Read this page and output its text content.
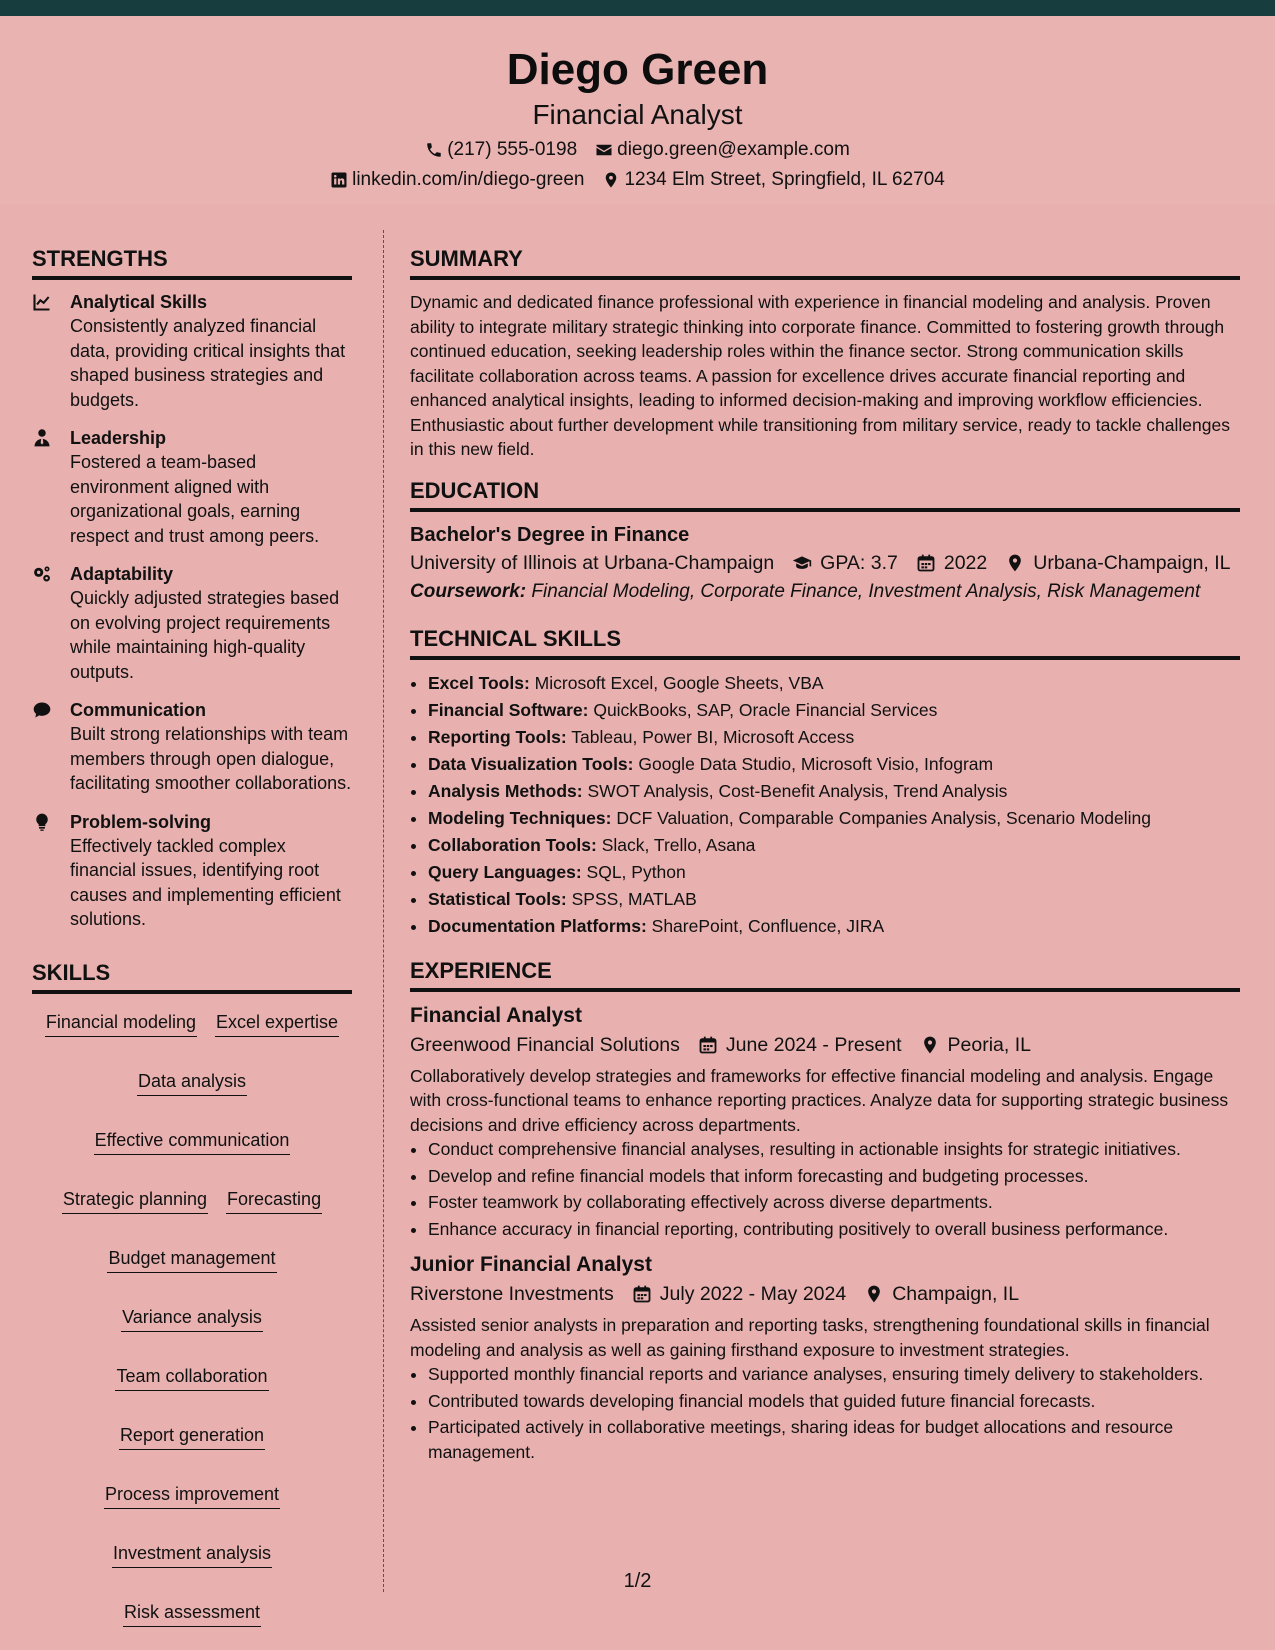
Diego Green
Financial Analyst
(217) 555-0198 diego.green@example.com
linkedin.com/in/diego-green 1234 Elm Street, Springfield, IL 62704
STRENGTHS
Analytical Skills
Consistently analyzed financial data, providing critical insights that shaped business strategies and budgets.
Leadership
Fostered a team-based environment aligned with organizational goals, earning respect and trust among peers.
Adaptability
Quickly adjusted strategies based on evolving project requirements while maintaining high-quality outputs.
Communication
Built strong relationships with team members through open dialogue, facilitating smoother collaborations.
Problem-solving
Effectively tackled complex financial issues, identifying root causes and implementing efficient solutions.
SKILLS
Financial modeling Excel expertise
Data analysis
Effective communication
Strategic planning Forecasting
Budget management
Variance analysis
Team collaboration
Report generation
Process improvement
Investment analysis
Risk assessment
SUMMARY

Dynamic and dedicated finance professional with experience in financial modeling and analysis. Proven ability to integrate military strategic thinking into corporate finance. Committed to fostering growth through continued education, seeking leadership roles within the finance sector. Strong communication skills facilitate collaboration across teams. A passion for excellence drives accurate financial reporting and enhanced analytical insights, leading to informed decision-making and improving workflow efficiencies. Enthusiastic about further development while transitioning from military service, ready to tackle challenges in this new field.

EDUCATION
Bachelor's Degree in Finance
University of Illinois at Urbana-Champaign GPA: 3.7 2022 Urbana-Champaign, IL
Coursework: Financial Modeling, Corporate Finance, Investment Analysis, Risk Management
TECHNICAL SKILLS
• Excel Tools: Microsoft Excel, Google Sheets, VBA
• Financial Software: QuickBooks, SAP, Oracle Financial Services
• Reporting Tools: Tableau, Power BI, Microsoft Access
• Data Visualization Tools: Google Data Studio, Microsoft Visio, Infogram
• Analysis Methods: SWOT Analysis, Cost-Benefit Analysis, Trend Analysis
• Modeling Techniques: DCF Valuation, Comparable Companies Analysis, Scenario Modeling
• Collaboration Tools: Slack, Trello, Asana
• Query Languages: SQL, Python
• Statistical Tools: SPSS, MATLAB
• Documentation Platforms: SharePoint, Confluence, JIRA
EXPERIENCE
Financial Analyst
Greenwood Financial Solutions June 2024 - Present Peoria, IL
Collaboratively develop strategies and frameworks for effective financial modeling and analysis. Engage with cross-functional teams to enhance reporting practices. Analyze data for supporting strategic business decisions and drive efficiency across departments.
• Conduct comprehensive financial analyses, resulting in actionable insights for strategic initiatives.
• Develop and refine financial models that inform forecasting and budgeting processes.
• Foster teamwork by collaborating effectively across diverse departments.
• Enhance accuracy in financial reporting, contributing positively to overall business performance.
Junior Financial Analyst
Riverstone Investments July 2022 - May 2024 Champaign, IL
Assisted senior analysts in preparation and reporting tasks, strengthening foundational skills in financial modeling and analysis as well as gaining firsthand exposure to investment strategies.
• Supported monthly financial reports and variance analyses, ensuring timely delivery to stakeholders.
• Contributed towards developing financial models that guided future financial forecasts.
• Participated actively in collaborative meetings, sharing ideas for budget allocations and resource management.
1/2
